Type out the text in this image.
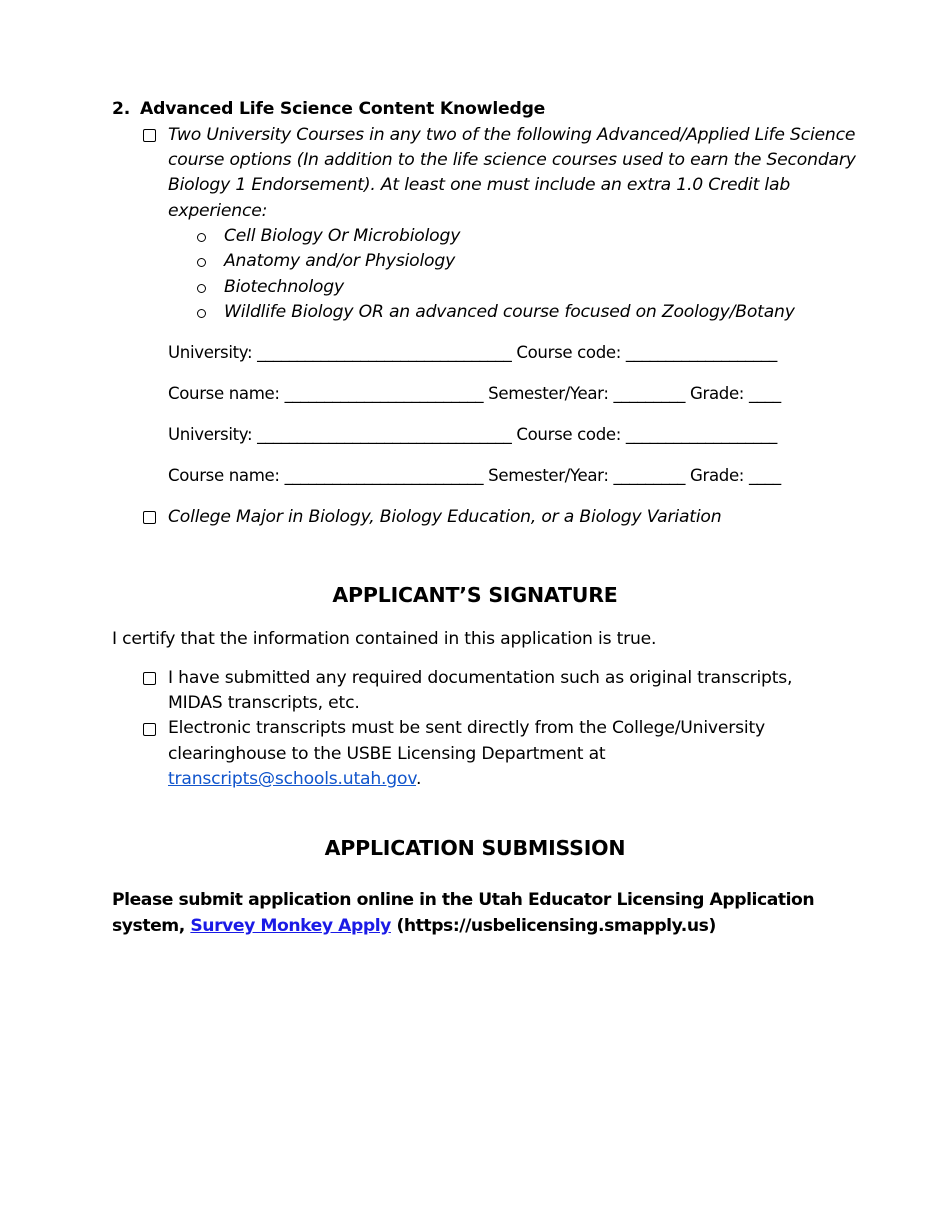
2. Advanced Life Science Content Knowledge
Two University Courses in any two of the following Advanced/Applied Life Science
course options (In addition to the life science courses used to earn the Secondary
Biology 1 Endorsement). At least one must include an extra 1.0 Credit lab
experience:
Cell Biology Or Microbiology
Anatomy and/or Physiology
Biotechnology
Wildlife Biology OR an advanced course focused on Zoology/Botany
University: ________________________________ Course code: ___________________
Course name: _________________________ Semester/Year: _________ Grade: ____
University: ________________________________ Course code: ___________________
Course name: _________________________ Semester/Year: _________ Grade: ____
College Major in Biology, Biology Education, or a Biology Variation
APPLICANT’S SIGNATURE
I certify that the information contained in this application is true.
I have submitted any required documentation such as original transcripts,
MIDAS transcripts, etc.
Electronic transcripts must be sent directly from the College/University
clearinghouse to the USBE Licensing Department at
transcripts@schools.utah.gov.
APPLICATION SUBMISSION
Please submit application online in the Utah Educator Licensing Application
system, Survey Monkey Apply (https://usbelicensing.smapply.us)
